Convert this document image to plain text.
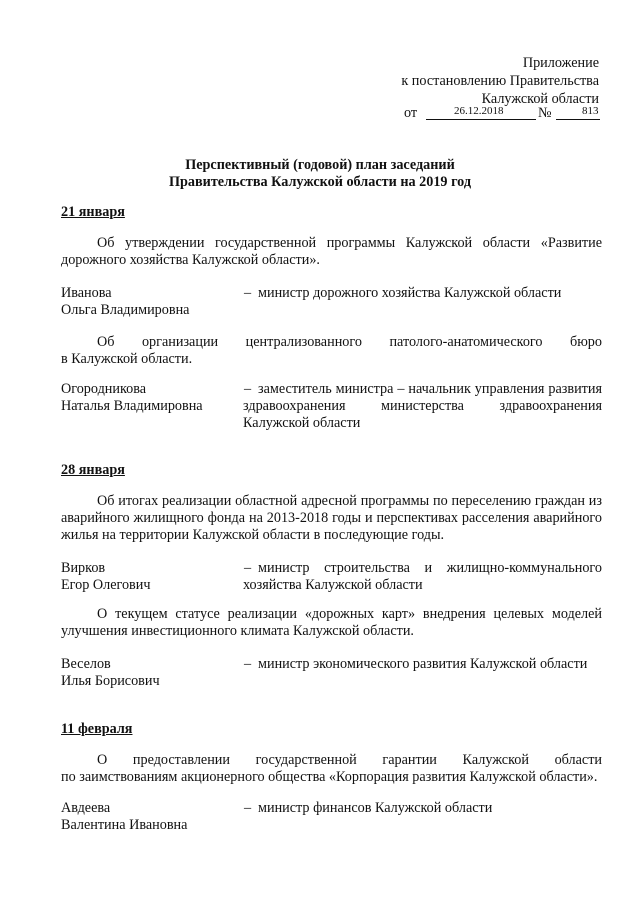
Приложение
к постановлению Правительства
Калужской области
от	26.12.2018 №	813
Перспективный (годовой) план заседаний
Правительства Калужской области на 2019 год
21 января
Об утверждении государственной программы Калужской области «Развитие дорожного хозяйства Калужской области».
Иванова
Ольга Владимировна
– министр дорожного хозяйства Калужской области
Об организации централизованного патолого-анатомического бюро
в Калужской области.
Огородникова
Наталья Владимировна
– заместитель министра – начальник управления развития здравоохранения министерства здравоохранения Калужской области
28 января
Об итогах реализации областной адресной программы по переселению граждан из аварийного жилищного фонда на 2013-2018 годы и перспективах расселения аварийного жилья на территории Калужской области в последующие годы.
Вирков
Егор Олегович
– министр строительства и жилищно-коммунального хозяйства Калужской области
О текущем статусе реализации «дорожных карт» внедрения целевых моделей улучшения инвестиционного климата Калужской области.
Веселов
Илья Борисович
– министр экономического развития Калужской области
11 февраля
О предоставлении государственной гарантии Калужской области
по заимствованиям акционерного общества «Корпорация развития Калужской области».
Авдеева
Валентина Ивановна
– министр финансов Калужской области
